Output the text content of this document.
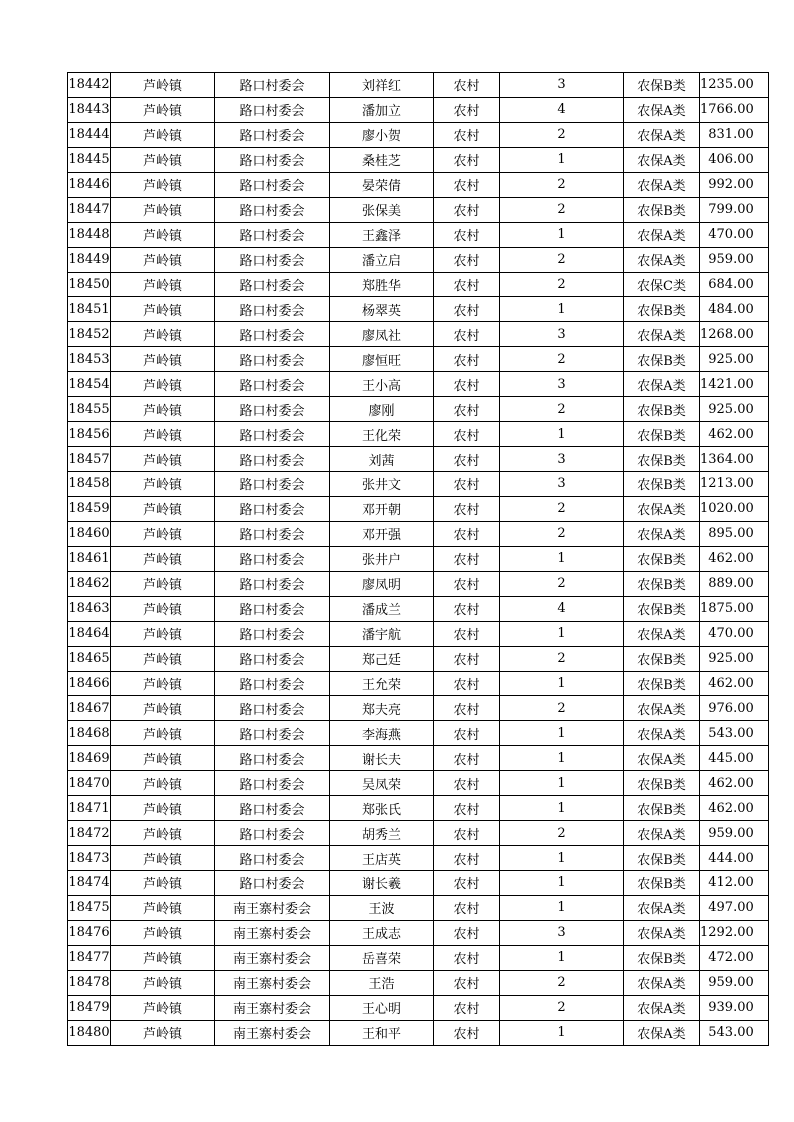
18442	芦岭镇	路口村委会	刘祥红	农村	3	农保B类	1235.00
18443	芦岭镇	路口村委会	潘加立	农村	4	农保A类	1766.00
18444	芦岭镇	路口村委会	廖小贺	农村	2	农保A类	831.00
18445	芦岭镇	路口村委会	桑桂芝	农村	1	农保A类	406.00
18446	芦岭镇	路口村委会	晏荣倩	农村	2	农保A类	992.00
18447	芦岭镇	路口村委会	张保美	农村	2	农保B类	799.00
18448	芦岭镇	路口村委会	王鑫泽	农村	1	农保A类	470.00
18449	芦岭镇	路口村委会	潘立启	农村	2	农保A类	959.00
18450	芦岭镇	路口村委会	郑胜华	农村	2	农保C类	684.00
18451	芦岭镇	路口村委会	杨翠英	农村	1	农保B类	484.00
18452	芦岭镇	路口村委会	廖凤社	农村	3	农保A类	1268.00
18453	芦岭镇	路口村委会	廖恒旺	农村	2	农保B类	925.00
18454	芦岭镇	路口村委会	王小高	农村	3	农保A类	1421.00
18455	芦岭镇	路口村委会	廖刚	农村	2	农保B类	925.00
18456	芦岭镇	路口村委会	王化荣	农村	1	农保B类	462.00
18457	芦岭镇	路口村委会	刘茜	农村	3	农保B类	1364.00
18458	芦岭镇	路口村委会	张井文	农村	3	农保B类	1213.00
18459	芦岭镇	路口村委会	邓开朝	农村	2	农保A类	1020.00
18460	芦岭镇	路口村委会	邓开强	农村	2	农保A类	895.00
18461	芦岭镇	路口村委会	张井户	农村	1	农保B类	462.00
18462	芦岭镇	路口村委会	廖凤明	农村	2	农保B类	889.00
18463	芦岭镇	路口村委会	潘成兰	农村	4	农保B类	1875.00
18464	芦岭镇	路口村委会	潘宇航	农村	1	农保A类	470.00
18465	芦岭镇	路口村委会	郑己廷	农村	2	农保B类	925.00
18466	芦岭镇	路口村委会	王允荣	农村	1	农保B类	462.00
18467	芦岭镇	路口村委会	郑夫亮	农村	2	农保A类	976.00
18468	芦岭镇	路口村委会	李海燕	农村	1	农保A类	543.00
18469	芦岭镇	路口村委会	谢长夫	农村	1	农保A类	445.00
18470	芦岭镇	路口村委会	吴凤荣	农村	1	农保B类	462.00
18471	芦岭镇	路口村委会	郑张氏	农村	1	农保B类	462.00
18472	芦岭镇	路口村委会	胡秀兰	农村	2	农保A类	959.00
18473	芦岭镇	路口村委会	王店英	农村	1	农保B类	444.00
18474	芦岭镇	路口村委会	谢长羲	农村	1	农保B类	412.00
18475	芦岭镇	南王寨村委会	王波	农村	1	农保A类	497.00
18476	芦岭镇	南王寨村委会	王成志	农村	3	农保A类	1292.00
18477	芦岭镇	南王寨村委会	岳喜荣	农村	1	农保B类	472.00
18478	芦岭镇	南王寨村委会	王浩	农村	2	农保A类	959.00
18479	芦岭镇	南王寨村委会	王心明	农村	2	农保A类	939.00
18480	芦岭镇	南王寨村委会	王和平	农村	1	农保A类	543.00
